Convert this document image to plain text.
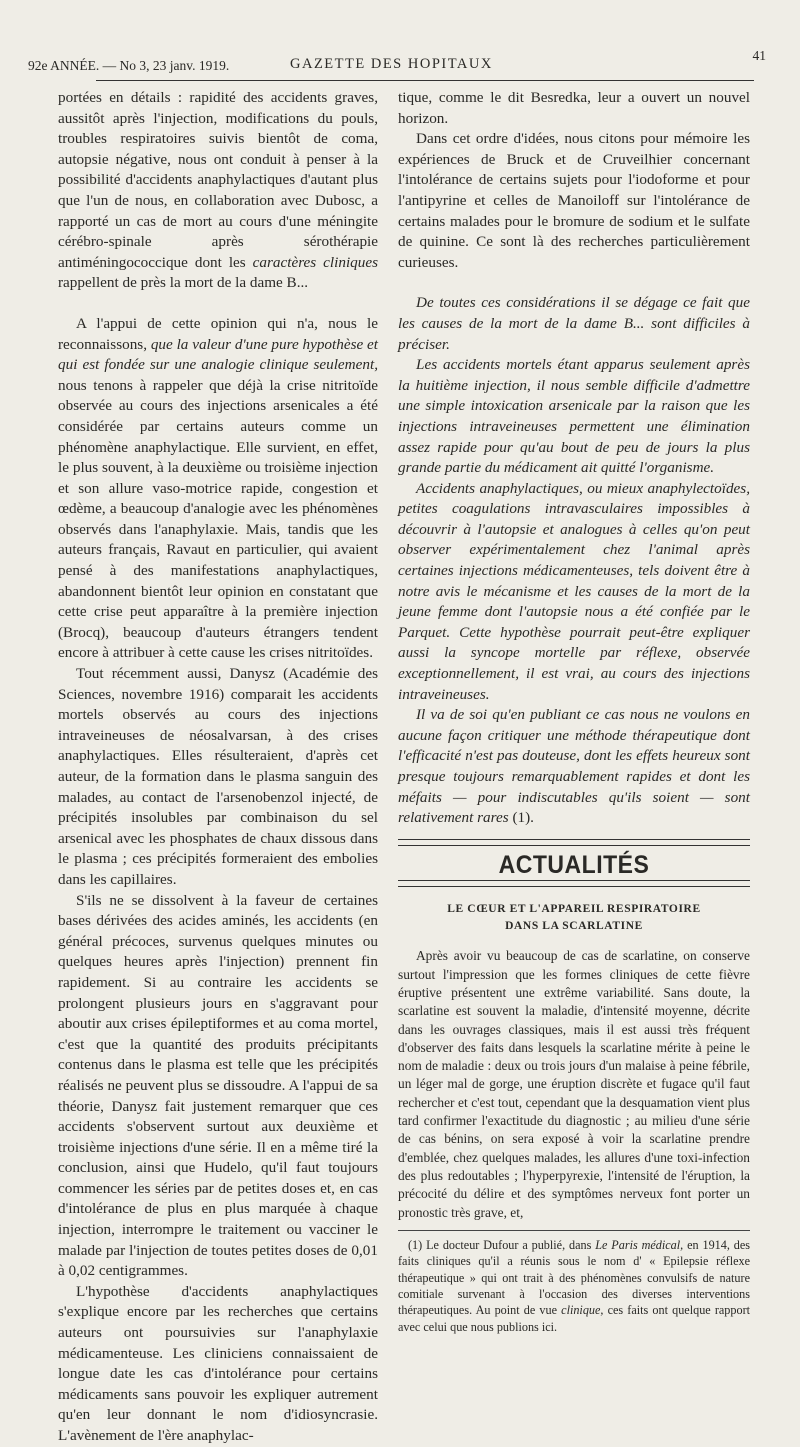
92e ANNÉE. — No 3, 23 janv. 1919.	GAZETTE DES HOPITAUX
41

portées en détails : rapidité des accidents graves, aussitôt après l'injection, modifications du pouls, troubles respiratoires suivis bientôt de coma, autopsie négative, nous ont conduit à penser à la possibilité d'accidents anaphylactiques d'autant plus que l'un de nous, en collaboration avec Dubosc, a rapporté un cas de mort au cours d'une méningite cérébro-spinale après sérothérapie antiméningococcique dont les caractères cliniques rappellent de près la mort de la dame B...

A l'appui de cette opinion qui n'a, nous le reconnaissons, que la valeur d'une pure hypothèse et qui est fondée sur une analogie clinique seulement, nous tenons à rappeler que déjà la crise nitritoïde observée au cours des injections arsenicales a été considérée par certains auteurs comme un phénomène anaphylactique. Elle survient, en effet, le plus souvent, à la deuxième ou troisième injection et son allure vaso-motrice rapide, congestion et œdème, a beaucoup d'analogie avec les phénomènes observés dans l'anaphylaxie. Mais, tandis que les auteurs français, Ravaut en particulier, qui avaient pensé à des manifestations anaphylactiques, abandonnent bientôt leur opinion en constatant que cette crise peut apparaître à la première injection (Brocq), beaucoup d'auteurs étrangers tendent encore à attribuer à cette cause les crises nitritoïdes.

Tout récemment aussi, Danysz (Académie des Sciences, novembre 1916) comparait les accidents mortels observés au cours des injections intraveineuses de néosalvarsan, à des crises anaphylactiques. Elles résulteraient, d'après cet auteur, de la formation dans le plasma sanguin des malades, au contact de l'arsenobenzol injecté, de précipités insolubles par combinaison du sel arsenical avec les phosphates de chaux dissous dans le plasma ; ces précipités formeraient des embolies dans les capillaires.

S'ils ne se dissolvent à la faveur de certaines bases dérivées des acides aminés, les accidents (en général précoces, survenus quelques minutes ou quelques heures après l'injection) prennent fin rapidement. Si au contraire les accidents se prolongent plusieurs jours en s'aggravant pour aboutir aux crises épileptiformes et au coma mortel, c'est que la quantité des produits précipitants contenus dans le plasma est telle que les précipités réalisés ne peuvent plus se dissoudre. A l'appui de sa théorie, Danysz fait justement remarquer que ces accidents s'observent surtout aux deuxième et troisième injections d'une série. Il en a même tiré la conclusion, ainsi que Hudelo, qu'il faut toujours commencer les séries par de petites doses et, en cas d'intolérance de plus en plus marquée à chaque injection, interrompre le traitement ou vacciner le malade par l'injection de toutes petites doses de 0,01 à 0,02 centigrammes.

L'hypothèse d'accidents anaphylactiques s'explique encore par les recherches que certains auteurs ont poursuivies sur l'anaphylaxie médicamenteuse. Les cliniciens connaissaient de longue date les cas d'intolérance pour certains médicaments sans pouvoir les expliquer autrement qu'en leur donnant le nom d'idiosyncrasie. L'avènement de l'ère anaphylac-

tique, comme le dit Besredka, leur a ouvert un nouvel horizon.

Dans cet ordre d'idées, nous citons pour mémoire les expériences de Bruck et de Cruveilhier concernant l'intolérance de certains sujets pour l'iodoforme et pour l'antipyrine et celles de Manoiloff sur l'intolérance de certains malades pour le bromure de sodium et le sulfate de quinine. Ce sont là des recherches particulièrement curieuses.

De toutes ces considérations il se dégage ce fait que les causes de la mort de la dame B... sont difficiles à préciser.

Les accidents mortels étant apparus seulement après la huitième injection, il nous semble difficile d'admettre une simple intoxication arsenicale par la raison que les injections intraveineuses permettent une élimination assez rapide pour qu'au bout de peu de jours la plus grande partie du médicament ait quitté l'organisme.

Accidents anaphylactiques, ou mieux anaphylectoïdes, petites coagulations intravasculaires impossibles à découvrir à l'autopsie et analogues à celles qu'on peut observer expérimentalement chez l'animal après certaines injections médicamenteuses, tels doivent être à notre avis le mécanisme et les causes de la mort de la jeune femme dont l'autopsie nous a été confiée par le Parquet. Cette hypothèse pourrait peut-être expliquer aussi la syncope mortelle par réflexe, observée exceptionnellement, il est vrai, au cours des injections intraveineuses.

Il va de soi qu'en publiant ce cas nous ne voulons en aucune façon critiquer une méthode thérapeutique dont l'efficacité n'est pas douteuse, dont les effets heureux sont presque toujours remarquablement rapides et dont les méfaits — pour indiscutables qu'ils soient — sont relativement rares (1).

ACTUALITÉS
LE CŒUR ET L'APPAREIL RESPIRATOIRE
DANS LA SCARLATINE

Après avoir vu beaucoup de cas de scarlatine, on conserve surtout l'impression que les formes cliniques de cette fièvre éruptive présentent une extrême variabilité. Sans doute, la scarlatine est souvent la maladie, d'intensité moyenne, décrite dans les ouvrages classiques, mais il est aussi très fréquent d'observer des faits dans lesquels la scarlatine mérite à peine le nom de maladie : deux ou trois jours d'un malaise à peine fébrile, un léger mal de gorge, une éruption discrète et fugace qu'il faut rechercher et c'est tout, cependant que la desquamation vient plus tard confirmer l'exactitude du diagnostic ; au milieu d'une série de cas bénins, on sera exposé à voir la scarlatine prendre d'emblée, chez quelques malades, les allures d'une toxi-infection des plus redoutables ; l'hyperpyrexie, l'intensité de l'éruption, la précocité du délire et des symptômes nerveux font porter un pronostic très grave, et,

(1) Le docteur Dufour a publié, dans Le Paris médical, en 1914, des faits cliniques qu'il a réunis sous le nom d' « Epilepsie réflexe thérapeutique » qui ont trait à des phénomènes convulsifs de nature comitiale survenant à l'occasion des diverses interventions thérapeutiques. Au point de vue clinique, ces faits ont quelque rapport avec celui que nous publions ici.
